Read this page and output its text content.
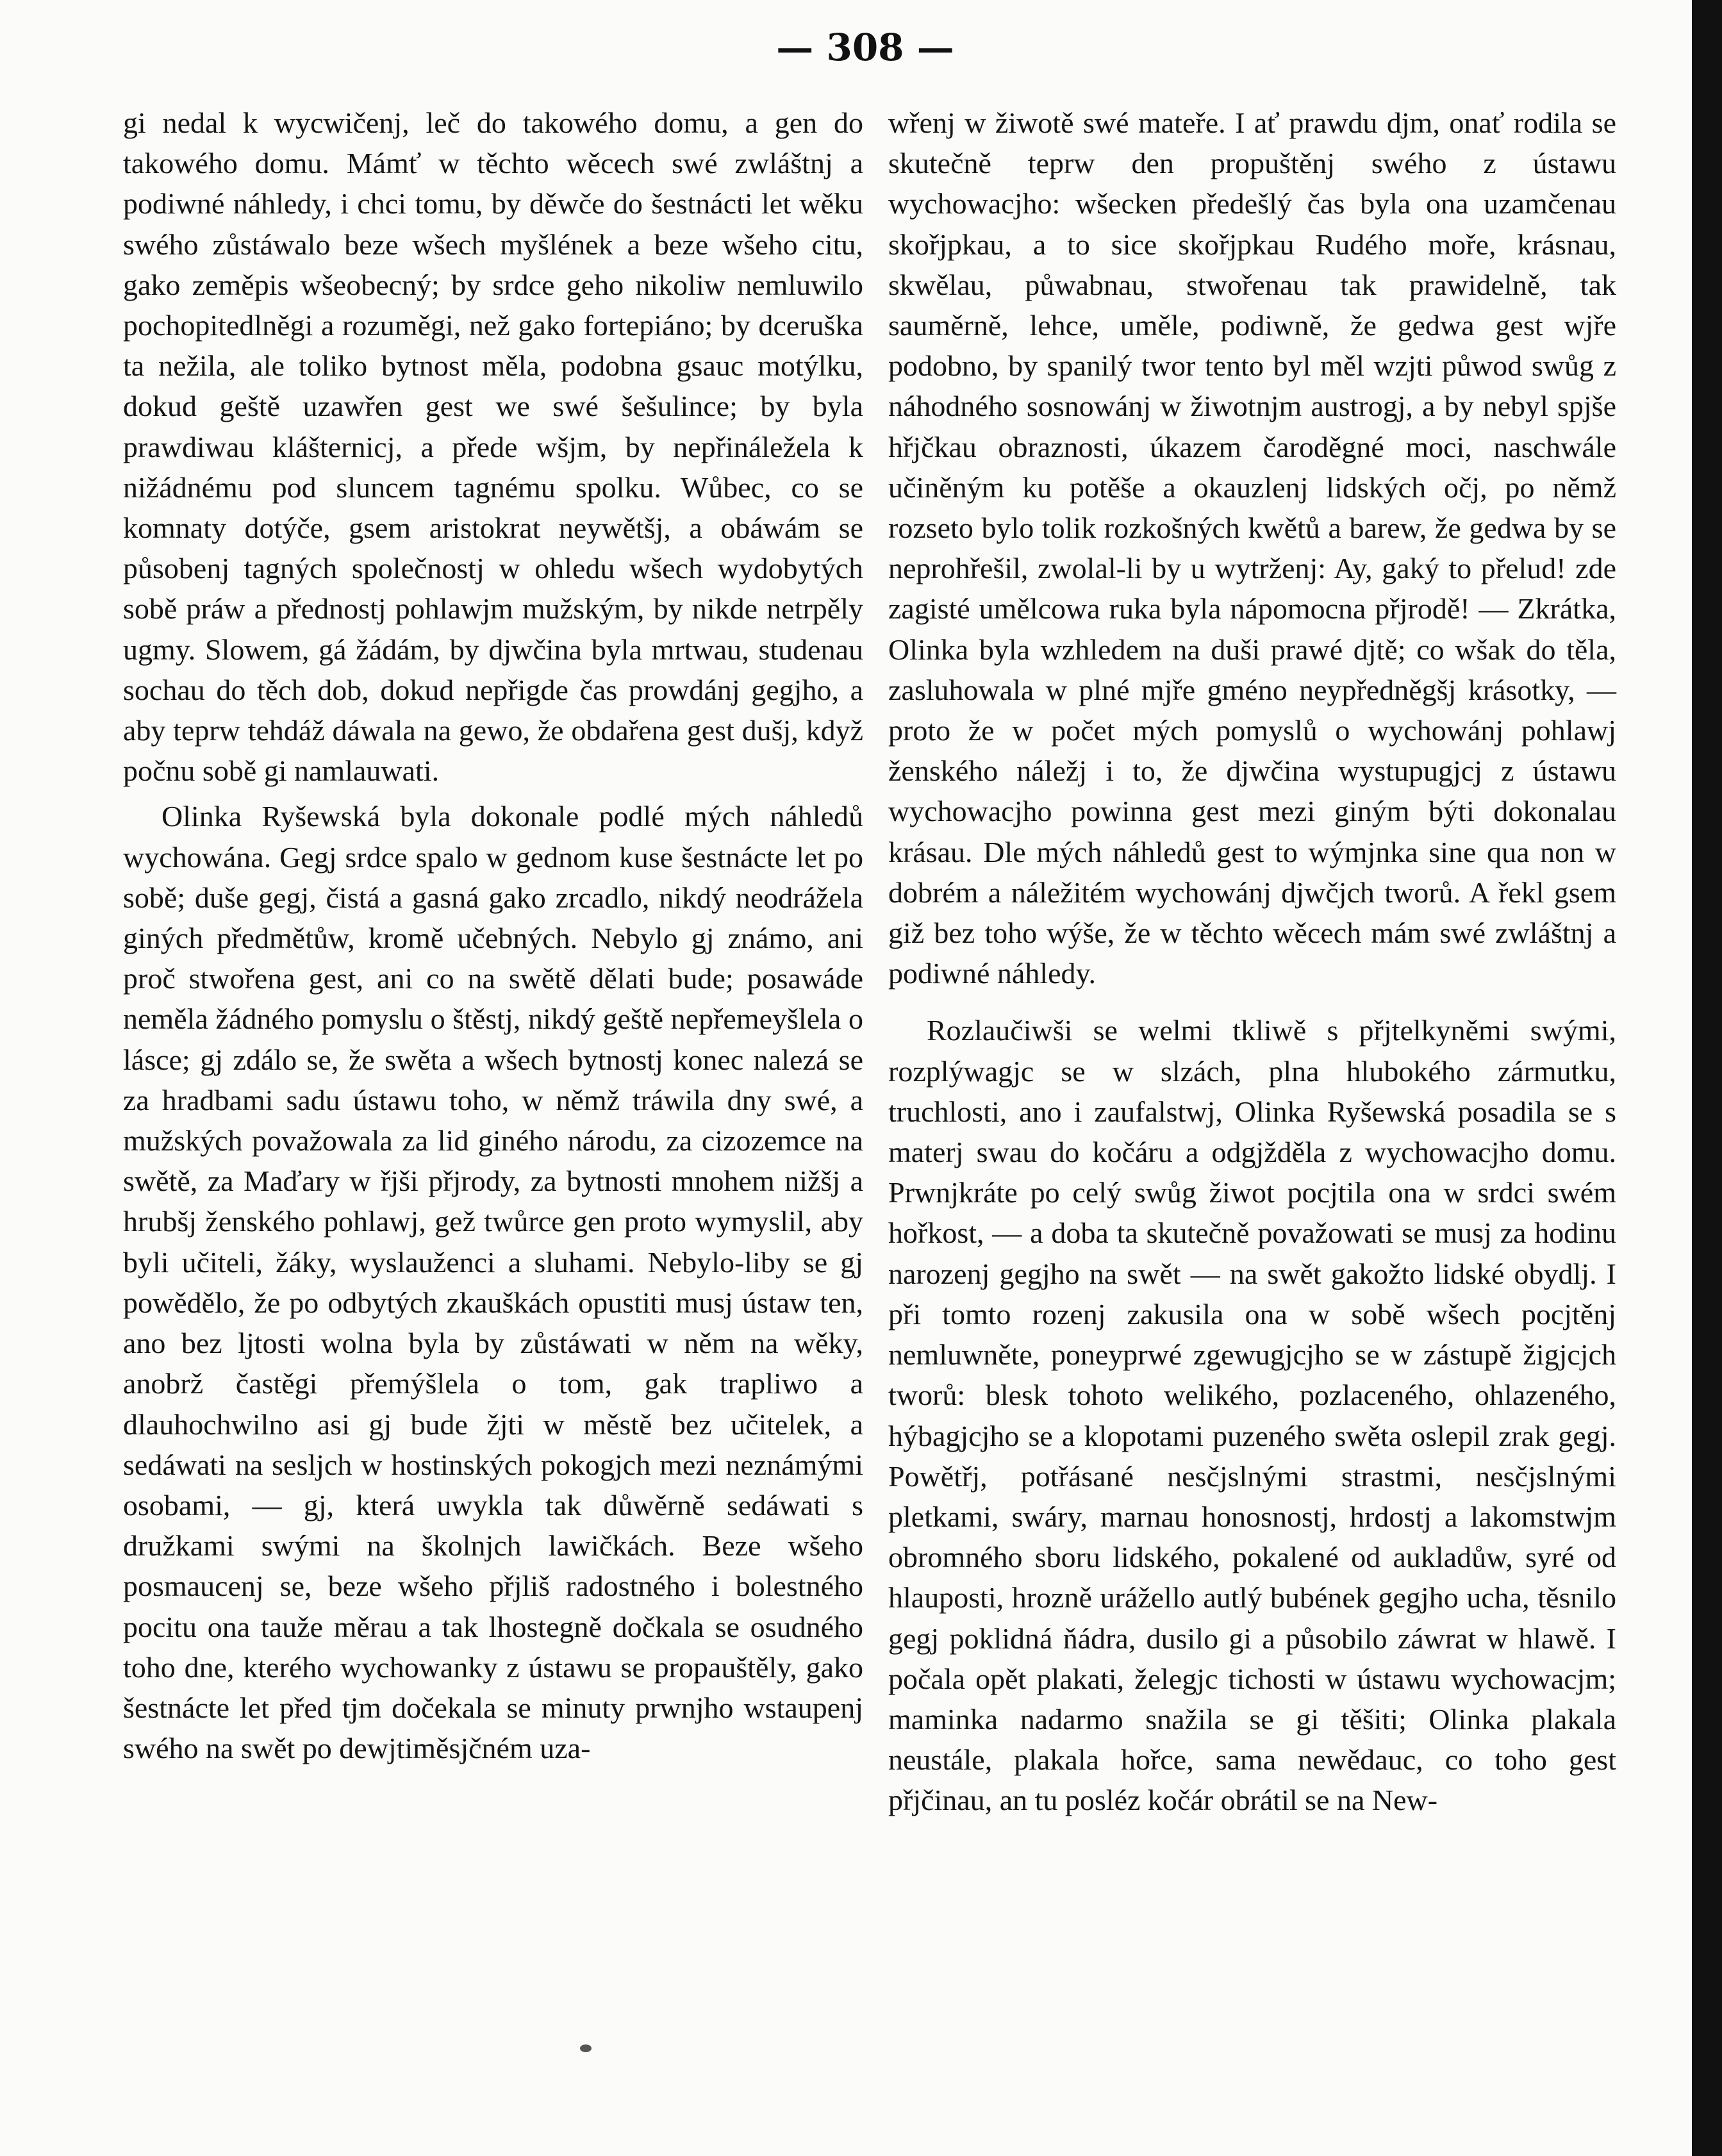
— 308 —

gi nedal k wycwičenj, leč do takowého domu, a gen do takowého domu. Mámť w těchto wěcech swé zwláštnj a podiwné náhledy, i chci tomu, by děwče do šestnácti let wěku swého zůstáwalo beze wšech myšlének a beze wšeho citu, gako zeměpis wšeobecný; by srdce geho nikoliw nemluwilo pochopitedlněgi a rozuměgi, než gako fortepiáno; by dceruška ta nežila, ale toliko bytnost měla, podobna gsauc motýlku, dokud geště uzawřen gest we swé šešulince; by byla prawdiwau klášternicj, a přede wšjm, by nepřináležela k nižádnému pod sluncem tagnému spolku. Wůbec, co se komnaty dotýče, gsem aristokrat neywětšj, a obáwám se působenj tagných společnostj w ohledu wšech wydobytých sobě práw a přednostj pohlawjm mužským, by nikde netrpěly ugmy. Slowem, gá žádám, by djwčina byla mrtwau, studenau sochau do těch dob, dokud nepřigde čas prowdánj gegjho, a aby teprw tehdáž dáwala na gewo, že obdařena gest dušj, když počnu sobě gi namlauwati.

Olinka Ryšewská byla dokonale podlé mých náhledů wychowána. Gegj srdce spalo w gednom kuse šestnácte let po sobě; duše gegj, čistá a gasná gako zrcadlo, nikdý neodrážela giných předmětůw, kromě učebných. Nebylo gj známo, ani proč stwořena gest, ani co na swětě dělati bude; posawáde neměla žádného pomyslu o štěstj, nikdý geště nepřemeyšlela o lásce; gj zdálo se, že swěta a wšech bytnostj konec nalezá se za hradbami sadu ústawu toho, w němž tráwila dny swé, a mužských považowala za lid giného národu, za cizozemce na swětě, za Maďary w řjši přjrody, za bytnosti mnohem nižšj a hrubšj ženského pohlawj, gež twůrce gen proto wymyslil, aby byli učiteli, žáky, wyslauženci a sluhami. Nebylo-liby se gj powědělo, že po odbytých zkauškách opustiti musj ústaw ten, ano bez ljtosti wolna byla by zůstáwati w něm na wěky, anobrž častěgi přemýšlela o tom, gak trapliwo a dlauhochwilno asi gj bude žjti w městě bez učitelek, a sedáwati na sesljch w hostinských pokogjch mezi neznámými osobami, — gj, která uwykla tak důwěrně sedáwati s družkami swými na školnjch lawičkách. Beze wšeho posmaucenj se, beze wšeho přjliš radostného i bolestného pocitu ona tauže měrau a tak lhostegně dočkala se osudného toho dne, kterého wychowanky z ústawu se propauštěly, gako šestnácte let před tjm dočekala se minuty prwnjho wstaupenj swého na swět po dewjtiměsjčném uza-

wřenj w žiwotě swé mateře. I ať prawdu djm, onať rodila se skutečně teprw den propuštěnj swého z ústawu wychowacjho: wšecken předešlý čas byla ona uzamčenau skořjpkau, a to sice skořjpkau Rudého moře, krásnau, skwělau, půwabnau, stwořenau tak prawidelně, tak sauměrně, lehce, uměle, podiwně, že gedwa gest wjře podobno, by spanilý twor tento byl měl wzjti půwod swůg z náhodného sosnowánj w žiwotnjm austrogj, a by nebyl spjše hřjčkau obraznosti, úkazem čaroděgné moci, naschwále učiněným ku potěše a okauzlenj lidských očj, po němž rozseto bylo tolik rozkošných kwětů a barew, že gedwa by se neprohřešil, zwolal-li by u wytrženj: Ay, gaký to přelud! zde zagisté umělcowa ruka byla nápomocna přjrodě! — Zkrátka, Olinka byla wzhledem na duši prawé djtě; co wšak do těla, zasluhowala w plné mjře gméno neypředněgšj krásotky, — proto že w počet mých pomyslů o wychowánj pohlawj ženského náležj i to, že djwčina wystupugjcj z ústawu wychowacjho powinna gest mezi giným býti dokonalau krásau. Dle mých náhledů gest to wýmjnka sine qua non w dobrém a náležitém wychowánj djwčjch tworů. A řekl gsem giž bez toho wýše, že w těchto wěcech mám swé zwláštnj a podiwné náhledy.

Rozlaučiwši se welmi tkliwě s přjtelkyněmi swými, rozplýwagjc se w slzách, plna hlubokého zármutku, truchlosti, ano i zaufalstwj, Olinka Ryšewská posadila se s materj swau do kočáru a odgjžděla z wychowacjho domu. Prwnjkráte po celý swůg žiwot pocjtila ona w srdci swém hořkost, — a doba ta skutečně považowati se musj za hodinu narozenj gegjho na swět — na swět gakožto lidské obydlj. I při tomto rozenj zakusila ona w sobě wšech pocjtěnj nemluwněte, poneyprwé zgewugjcjho se w zástupě žigjcjch tworů: blesk tohoto welikého, pozlaceného, ohlazeného, hýbagjcjho se a klopotami puzeného swěta oslepil zrak gegj. Powětřj, potřásané nesčjslnými strastmi, nesčjslnými pletkami, swáry, marnau honosnostj, hrdostj a lakomstwjm obromného sboru lidského, pokalené od aukladůw, syré od hlauposti, hrozně urážello autlý bubének gegjho ucha, těsnilo gegj poklidná ňádra, dusilo gi a působilo záwrat w hlawě. I počala opět plakati, želegjc tichosti w ústawu wychowacjm; maminka nadarmo snažila se gi těšiti; Olinka plakala neustále, plakala hořce, sama newědauc, co toho gest přjčinau, an tu posléz kočár obrátil se na New-
